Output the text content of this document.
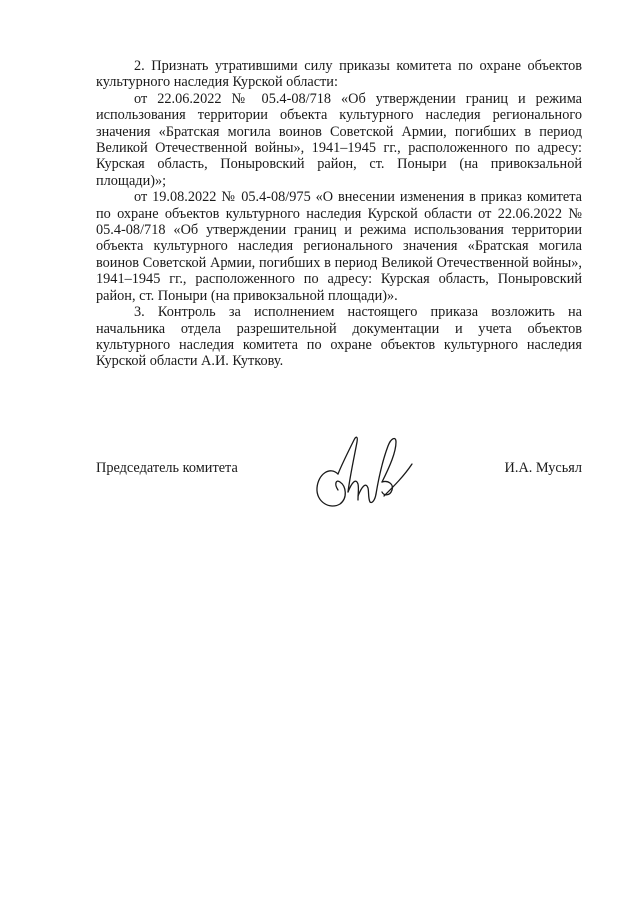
2. Признать утратившими силу приказы комитета по охране объектов культурного наследия Курской области:

от 22.06.2022 № 05.4-08/718 «Об утверждении границ и режима использования территории объекта культурного наследия регионального значения «Братская могила воинов Советской Армии, погибших в период Великой Отечественной войны», 1941–1945 гг., расположенного по адресу: Курская область, Поныровский район, ст. Поныри (на привокзальной площади)»;

от 19.08.2022 № 05.4-08/975 «О внесении изменения в приказ комитета по охране объектов культурного наследия Курской области от 22.06.2022 № 05.4-08/718 «Об утверждении границ и режима использования территории объекта культурного наследия регионального значения «Братская могила воинов Советской Армии, погибших в период Великой Отечественной войны», 1941–1945 гг., расположенного по адресу: Курская область, Поныровский район, ст. Поныри (на привокзальной площади)».

3. Контроль за исполнением настоящего приказа возложить на начальника отдела разрешительной документации и учета объектов культурного наследия комитета по охране объектов культурного наследия Курской области А.И. Куткову.

Председатель комитета	И.А. Мусьял
